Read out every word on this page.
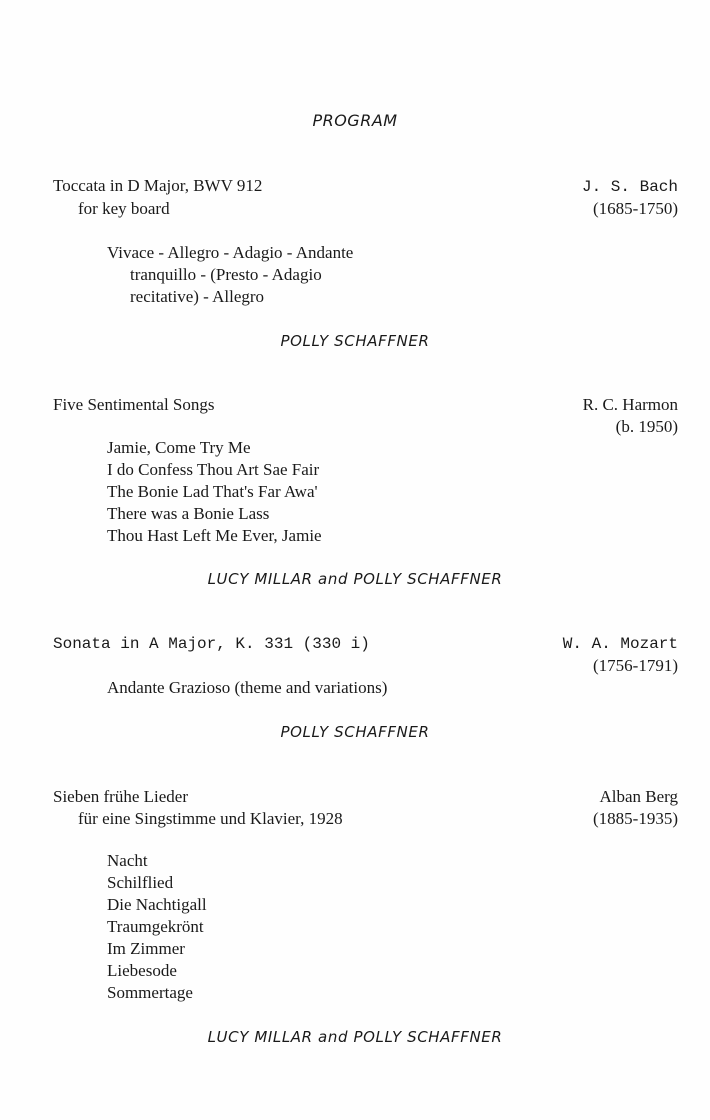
PROGRAM
Toccata in D Major, BWV 912
for key board
J. S. Bach
(1685-1750)
Vivace - Allegro - Adagio - Andante
tranquillo - (Presto - Adagio
recitative) - Allegro
POLLY SCHAFFNER
Five Sentimental Songs	R. C. Harmon
(b. 1950)
Jamie, Come Try Me
I do Confess Thou Art Sae Fair
The Bonie Lad That's Far Awa'
There was a Bonie Lass
Thou Hast Left Me Ever, Jamie
LUCY MILLAR and POLLY SCHAFFNER
Sonata in A Major, K. 331 (330 i)	W. A. Mozart
(1756-1791)
Andante Grazioso (theme and variations)
POLLY SCHAFFNER
Sieben frühe Lieder
für eine Singstimme und Klavier, 1928
Alban Berg
(1885-1935)
Nacht
Schilflied
Die Nachtigall
Traumgekrönt
Im Zimmer
Liebesode
Sommertage
LUCY MILLAR and POLLY SCHAFFNER
